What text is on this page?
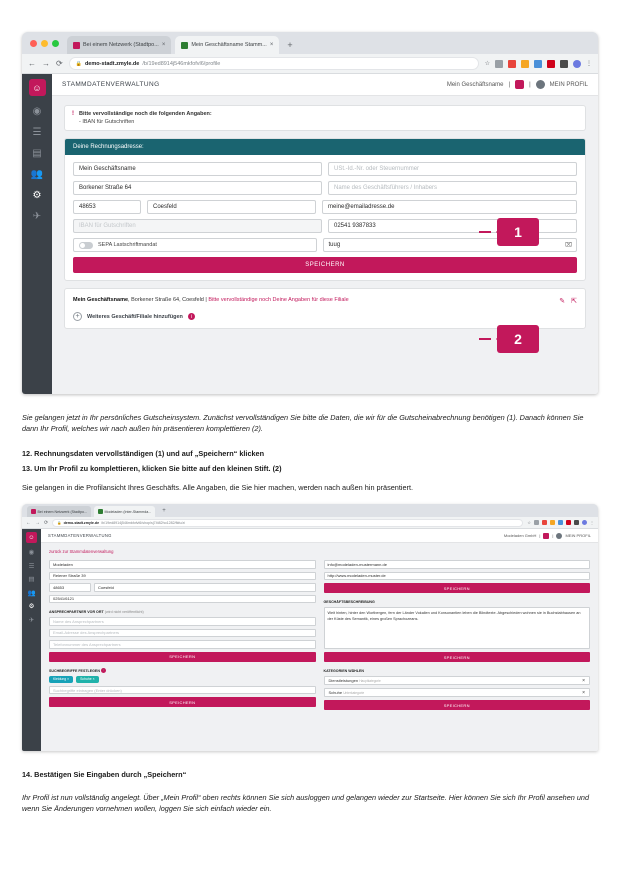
Bei einem Netzwerk (Stadtpo... ×	Mein Geschäftsname Stamm... ×	+
← → ⟳	🔒 demo-stadt.zmyle.de /b/19ed8914j546mkfofvl6/profile	☆	⋮
☺
◉
☰
▤
👥
⚙
✈
STAMMDATENVERWALTUNG	Mein Geschäftsname |	|	MEIN PROFIL
! Bitte vervollständige noch die folgenden Angaben:
- IBAN für Gutschriften
Deine Rechnungsadresse:
Mein Geschäftsname	USt.-Id.-Nr. oder Steuernummer
Borkener Straße 64	Name des Geschäftsführers / Inhabers
48653	Coesfeld	meine@emailadresse.de
IBAN für Gutschriften	02541 9387833
SEPA Lastschriftmandat	tuug	⌧
SPEICHERN
Mein Geschäftsname, Borkener Straße 64, Coesfeld | Bitte vervollständige noch Deine Angaben für diese Filiale	✎ ⇱
+	Weiteres Geschäft/Filiale hinzufügen	i
1
2
Sie gelangen jetzt in Ihr persönliches Gutscheinsystem. Zunächst vervollständigen Sie bitte die Daten, die wir für die Gutscheinabrechnung benötigen (1). Danach können Sie dann Ihr Profil, welches wir nach außen hin präsentieren komplettieren (2).
12. Rechnungsdaten vervollständigen (1) und auf „Speichern“ klicken
13. Um Ihr Profil zu komplettieren, klicken Sie bitte auf den kleinen Stift. (2)
Sie gelangen in die Profilansicht Ihres Geschäfts. Alle Angaben, die Sie hier machen, werden nach außen hin präsentiert.
Bei einem Netzwerk (Stadtpo...	Modeladen (Inter-Stammda...	+
← → ⟳	🔒 demo-stadt.zmyle.de /b/19ed8914j546mkfofvl6/shop/sj74t82ho1282/fkfu/zi	☆	⋮
☺
◉
☰
▤
👥
⚙
✈
STAMMDATENVERWALTUNG	Modeladen GmbH |	|	MEIN PROFIL
zurück zur Stammdatenverwaltung
Modeladen
Reiener Straße 39
48653	Coesfeld
02541/6121
ANSPRECHPARTNER VOR ORT (wird nicht veröffentlicht)
Name des Ansprechpartners
Email-Adresse des Ansprechpartners
Telefonnummer des Ansprechpartners
SPEICHERN
SUCHBEGRIFFE FESTLEGEN i
Kleidung ×	Schuhe ×
Suchbegriffe eintragen (Enter drücken)
SPEICHERN
info@modeladen-mustermann.de
http://www.modeladen-muster.de
SPEICHERN
GESCHÄFTSBESCHREIBUNG
Weit hinten, hinter den Wortbergen, fern der Länder Vokalien und Konsonantien leben die Blindtexte. Abgeschieden wohnen sie in Buchstabhausen an der Küste des Semantik, eines großen Sprachozeans.
SPEICHERN
KATEGORIEN WÄHLEN
Dienstleistungen Hauptkategorie	×
Schuhe Unterkategorie	×
SPEICHERN
14. Bestätigen Sie Eingaben durch „Speichern“
Ihr Profil ist nun vollständig angelegt. Über „Mein Profil“ oben rechts können Sie sich ausloggen und gelangen wieder zur Startseite. Hier können Sie sich Ihr Profil ansehen und wenn Sie Änderungen vornehmen wollen, loggen Sie sich einfach wieder ein.
